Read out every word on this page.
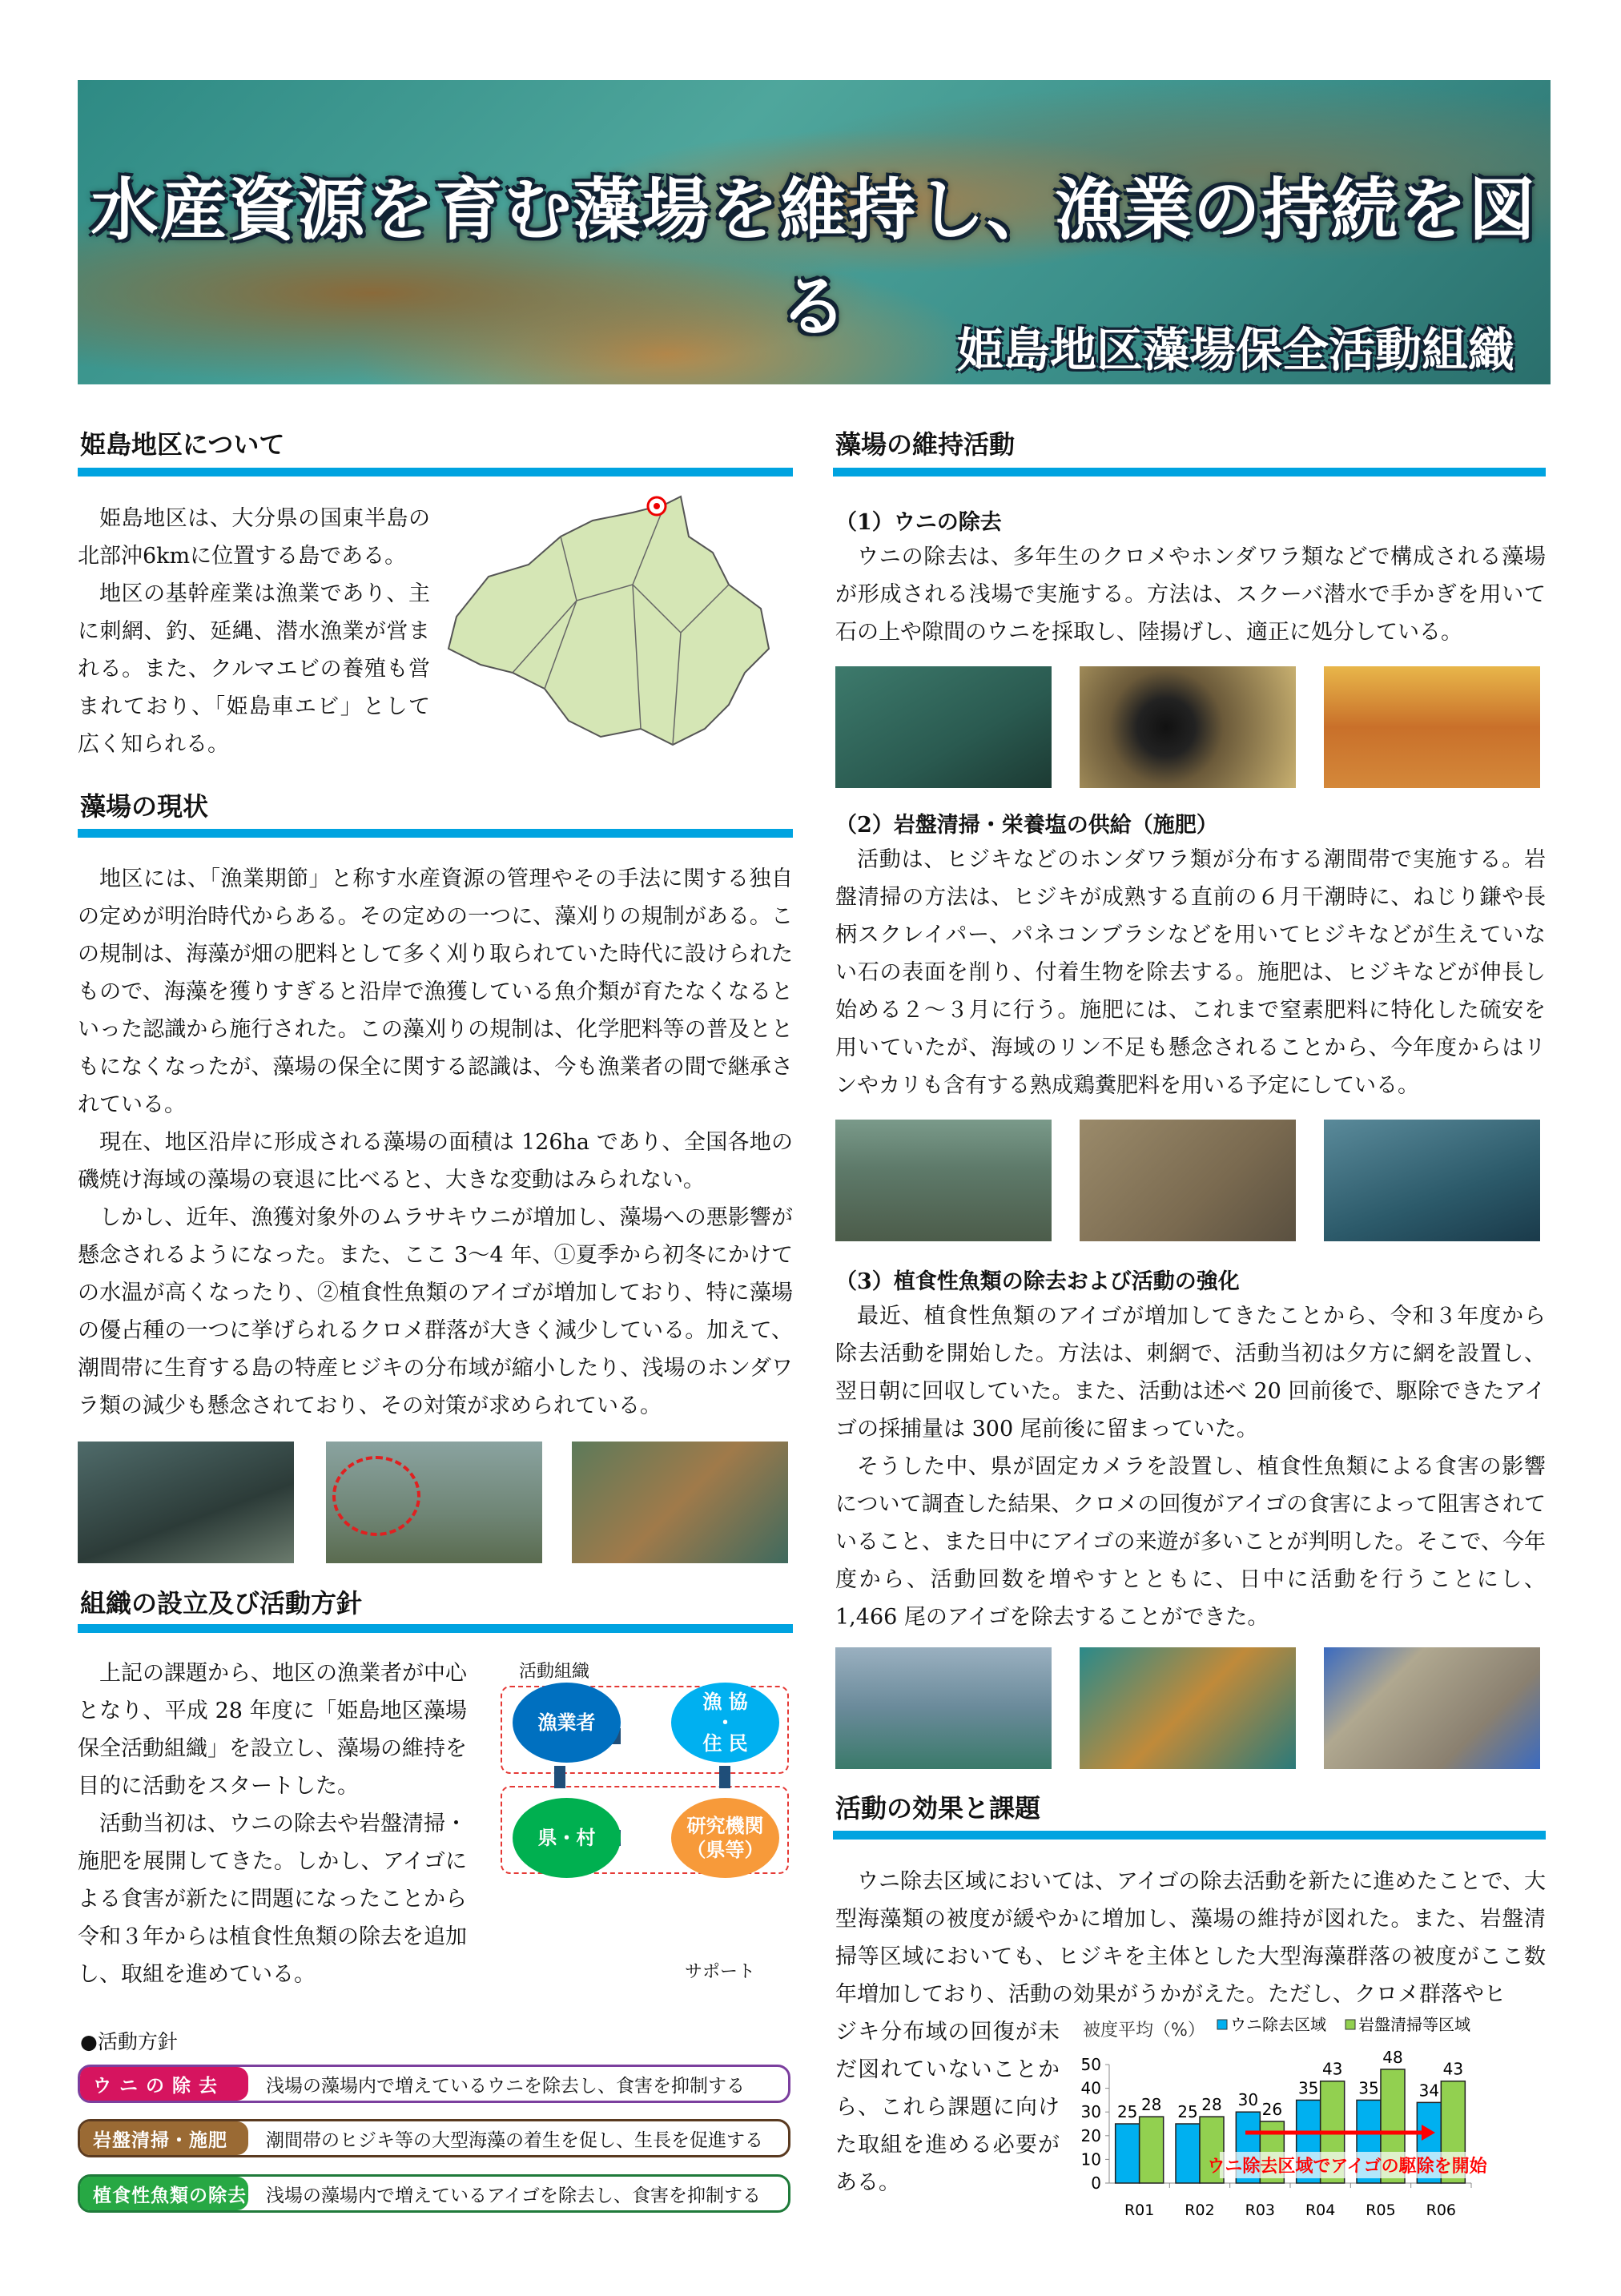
水産資源を育む藻場を維持し、漁業の持続を図る
姫島地区藻場保全活動組織
姫島地区について
姫島地区は、大分県の国東半島の北部沖6kmに位置する島である。
地区の基幹産業は漁業であり、主に刺網、釣、延縄、潜水漁業が営まれる。また、クルマエビの養殖も営まれており、「姫島車エビ」として広く知られる。
藻場の現状
地区には、「漁業期節」と称す水産資源の管理やその手法に関する独自の定めが明治時代からある。その定めの一つに、藻刈りの規制がある。この規制は、海藻が畑の肥料として多く刈り取られていた時代に設けられたもので、海藻を獲りすぎると沿岸で漁獲している魚介類が育たなくなるといった認識から施行された。この藻刈りの規制は、化学肥料等の普及とともになくなったが、藻場の保全に関する認識は、今も漁業者の間で継承されている。
現在、地区沿岸に形成される藻場の面積は 126ha であり、全国各地の磯焼け海域の藻場の衰退に比べると、大きな変動はみられない。
しかし、近年、漁獲対象外のムラサキウニが増加し、藻場への悪影響が懸念されるようになった。また、ここ 3～4 年、①夏季から初冬にかけての水温が高くなったり、②植食性魚類のアイゴが増加しており、特に藻場の優占種の一つに挙げられるクロメ群落が大きく減少している。加えて、潮間帯に生育する島の特産ヒジキの分布域が縮小したり、浅場のホンダワラ類の減少も懸念されており、その対策が求められている。
組織の設立及び活動方針
上記の課題から、地区の漁業者が中心となり、平成 28 年度に「姫島地区藻場保全活動組織」を設立し、藻場の維持を目的に活動をスタートした。
活動当初は、ウニの除去や岩盤清掃・施肥を展開してきた。しかし、アイゴによる食害が新たに問題になったことから令和３年からは植食性魚類の除去を追加し、取組を進めている。
活動組織
漁業者
漁 協
・
住 民
県・村
研究機関
（県等）
サポート
●活動方針
ウ ニ の 除 去	浅場の藻場内で増えているウニを除去し、食害を抑制する
岩盤清掃・施肥	潮間帯のヒジキ等の大型海藻の着生を促し、生長を促進する
植食性魚類の除去	浅場の藻場内で増えているアイゴを除去し、食害を抑制する
藻場の維持活動
（1）ウニの除去
ウニの除去は、多年生のクロメやホンダワラ類などで構成される藻場が形成される浅場で実施する。方法は、スクーバ潜水で手かぎを用いて石の上や隙間のウニを採取し、陸揚げし、適正に処分している。
（2）岩盤清掃・栄養塩の供給（施肥）
活動は、ヒジキなどのホンダワラ類が分布する潮間帯で実施する。岩盤清掃の方法は、ヒジキが成熟する直前の６月干潮時に、ねじり鎌や長柄スクレイパー、パネコンブラシなどを用いてヒジキなどが生えていない石の表面を削り、付着生物を除去する。施肥は、ヒジキなどが伸長し始める２～３月に行う。施肥には、これまで窒素肥料に特化した硫安を用いていたが、海域のリン不足も懸念されることから、今年度からはリンやカリも含有する熟成鶏糞肥料を用いる予定にしている。
（3）植食性魚類の除去および活動の強化
最近、植食性魚類のアイゴが増加してきたことから、令和３年度から除去活動を開始した。方法は、刺網で、活動当初は夕方に網を設置し、翌日朝に回収していた。また、活動は述べ 20 回前後で、駆除できたアイゴの採捕量は 300 尾前後に留まっていた。
そうした中、県が固定カメラを設置し、植食性魚類による食害の影響について調査した結果、クロメの回復がアイゴの食害によって阻害されていること、また日中にアイゴの来遊が多いことが判明した。そこで、今年度から、活動回数を増やすとともに、日中に活動を行うことにし、1,466 尾のアイゴを除去することができた。
活動の効果と課題
ウニ除去区域においては、アイゴの除去活動を新たに進めたことで、大型海藻類の被度が緩やかに増加し、藻場の維持が図れた。また、岩盤清掃等区域においても、ヒジキを主体とした大型海藻群落の被度がここ数年増加しており、活動の効果がうかがえた。ただし、クロメ群落やヒ
ジキ分布域の回復が未だ図れていないことから、これら課題に向けた取組を進める必要がある。
被度平均（%） ウニ除去区域 岩盤清掃等区域
0
10
20
30
40
50
25 28
R01
25 28
R02
30 26
R03
35
43
R04
35
48
R05
34
43
R06
ウニ除去区域でアイゴの駆除を開始
